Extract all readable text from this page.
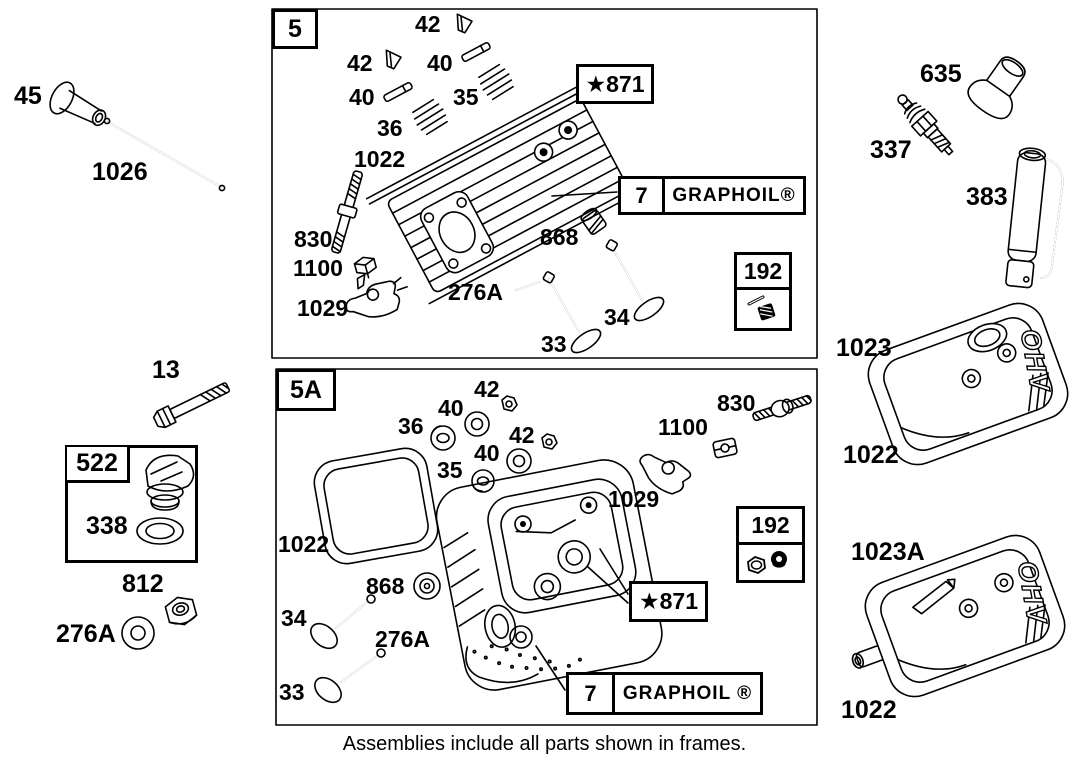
OHV
OHV
5
5A
★871
★871
7	GRAPHOIL®
7	GRAPHOIL ®
192
192
522
45
1026
13
338
812
276A
635
337
383
1023
1022
1023A
1022
42
42 40
40	35
36
1022
830
1100
1029
276A
868
34
33
42
40
36	42
40
35
1022
830
1100
1029
868
34
276A
33
Assemblies include all parts shown in frames.
